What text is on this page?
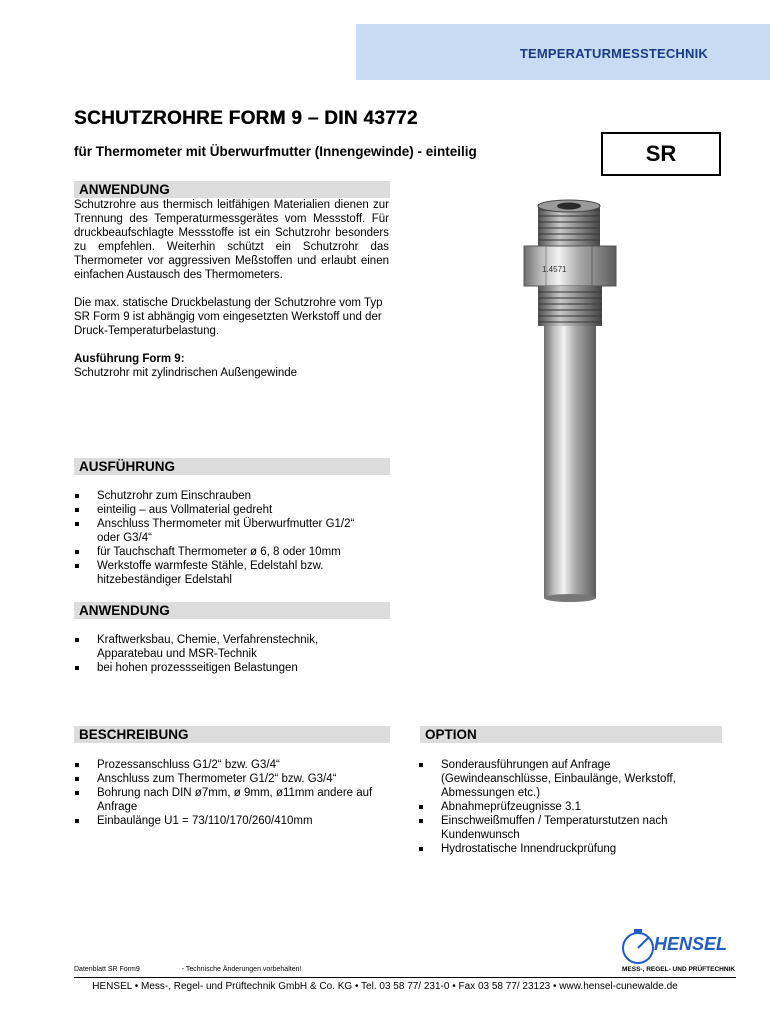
TEMPERATURMESSTECHNIK
SCHUTZROHRE FORM 9 – DIN 43772
für Thermometer mit Überwurfmutter (Innengewinde) - einteilig	SR
ANWENDUNG

Schutzrohre aus thermisch leitfähigen Materialien dienen zur Trennung des Temperaturmessgerätes vom Messstoff. Für druckbeaufschlagte Messstoffe ist ein Schutzrohr besonders zu empfehlen. Weiterhin schützt ein Schutzrohr das Thermometer vor aggressiven Meßstoffen und erlaubt einen einfachen Austausch des Thermometers.

Die max. statische Druckbelastung der Schutzrohre vom Typ SR Form 9 ist abhängig vom eingesetzten Werkstoff und der Druck-Temperaturbelastung.

Ausführung Form 9:

Schutzrohr mit zylindrischen Außengewinde

AUSFÜHRUNG
Schutzrohr zum Einschrauben
einteilig – aus Vollmaterial gedreht
Anschluss Thermometer mit Überwurfmutter G1/2“ oder G3/4“
für Tauchschaft Thermometer ø 6, 8 oder 10mm
Werkstoffe warmfeste Stähle, Edelstahl bzw. hitzebeständiger Edelstahl
ANWENDUNG
Kraftwerksbau, Chemie, Verfahrenstechnik, Apparatebau und MSR-Technik
bei hohen prozessseitigen Belastungen
BESCHREIBUNG
Prozessanschluss G1/2“ bzw. G3/4“
Anschluss zum Thermometer G1/2“ bzw. G3/4“
Bohrung nach DIN ø7mm, ø 9mm, ø11mm andere auf Anfrage
Einbaulänge U1 = 73/110/170/260/410mm
OPTION
Sonderausführungen auf Anfrage (Gewindeanschlüsse, Einbaulänge, Werkstoff, Abmessungen etc.)
Abnahmeprüfzeugnisse 3.1
Einschweißmuffen / Temperaturstutzen nach Kundenwunsch
Hydrostatische Innendruckprüfung
1.4571
HENSEL
MESS-, REGEL- UND PRÜFTECHNIK
Datenblatt SR Form9	- Technische Änderungen vorbehalten!
HENSEL • Mess-, Regel- und Prüftechnik GmbH & Co. KG • Tel. 03 58 77/ 231-0 • Fax 03 58 77/ 23123 • www.hensel-cunewalde.de
